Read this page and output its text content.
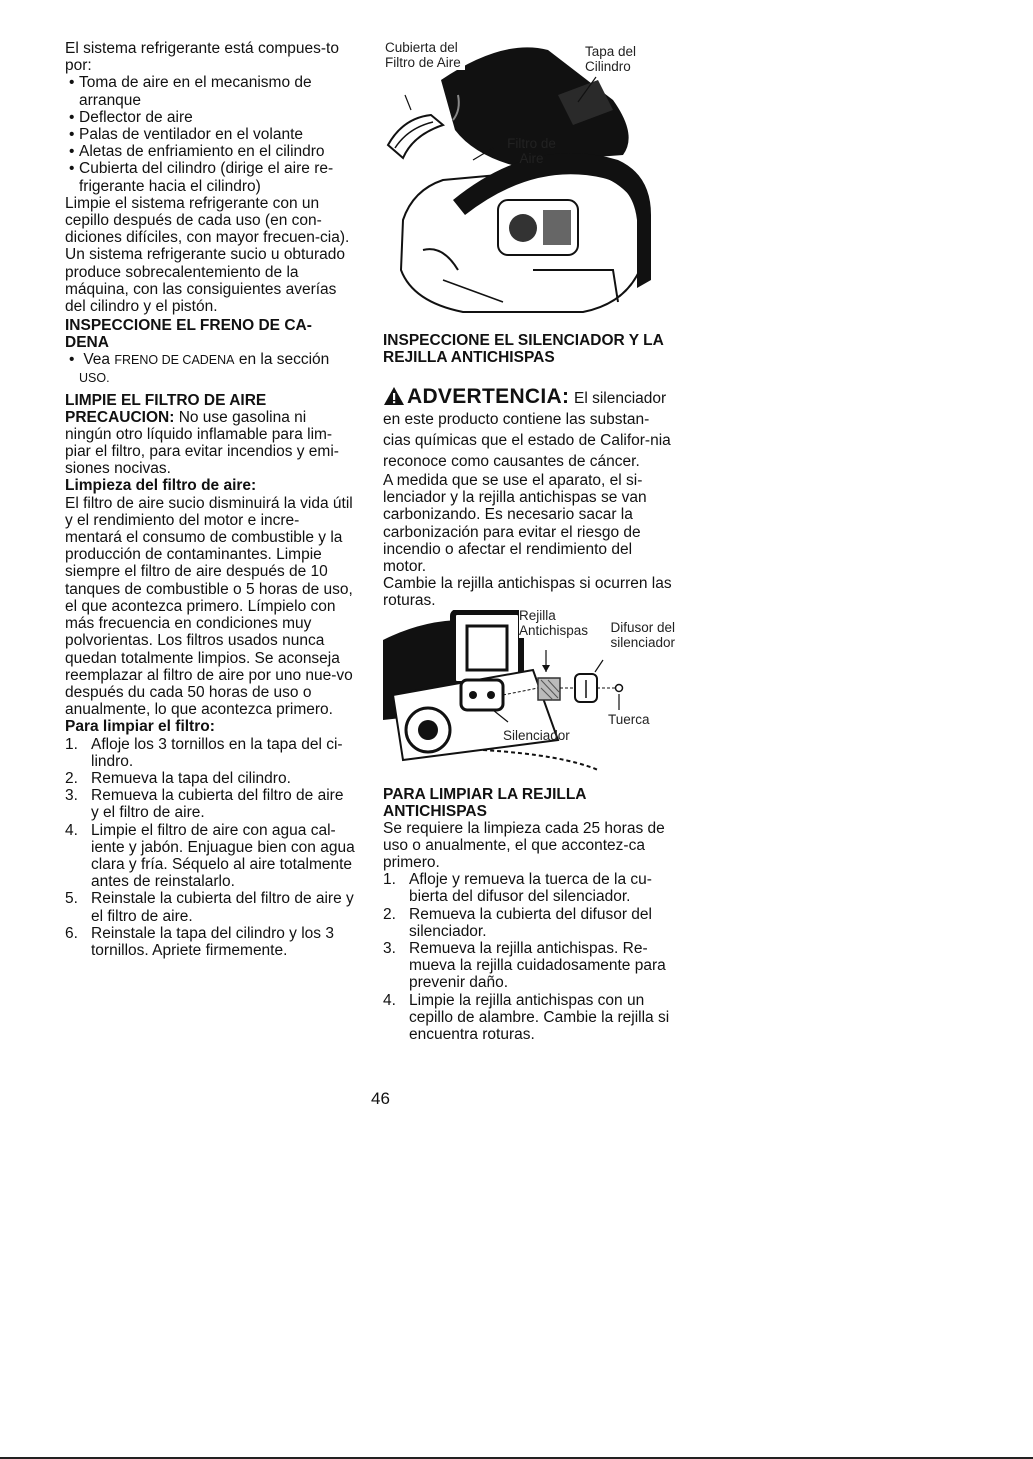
El sistema refrigerante está compues-to por:

• Toma de aire en el mecanismo de arranque

• Deflector de aire

• Palas de ventilador en el volante

• Aletas de enfriamiento en el cilindro

• Cubierta del cilindro (dirige el aire re-frigerante hacia el cilindro)

Limpie el sistema refrigerante con un cepillo después de cada uso (en con-diciones difíciles, con mayor frecuen-cia). Un sistema refrigerante sucio u obturado produce sobrecalentemiento de la máquina, con las consiguientes averías del cilindro y el pistón.

INSPECCIONE EL FRENO DE CA-DENA

• Vea FRENO DE CADENA en la sección USO.

LIMPIE EL FILTRO DE AIRE

PRECAUCION: No use gasolina ni ningún otro líquido inflamable para lim-piar el filtro, para evitar incendios y emi-siones nocivas.

Limpieza del filtro de aire:

El filtro de aire sucio disminuirá la vida útil y el rendimiento del motor e incre-mentará el consumo de combustible y la producción de contaminantes. Limpie siempre el filtro de aire después de 10 tanques de combustible o 5 horas de uso, el que acontezca primero. Límpielo con más frecuencia en condiciones muy polvorientas. Los filtros usados nunca quedan totalmente limpios. Se aconseja reemplazar al filtro de aire por uno nue-vo después du cada 50 horas de uso o anualmente, lo que acontezca primero.

Para limpiar el filtro:

1. Afloje los 3 tornillos en la tapa del ci-lindro.
2. Remueva la tapa del cilindro.
3. Remueva la cubierta del filtro de aire y el filtro de aire.
4. Limpie el filtro de aire con agua cal-iente y jabón. Enjuague bien con agua clara y fría. Séquelo al aire totalmente antes de reinstalarlo.
5. Reinstale la cubierta del filtro de aire y el filtro de aire.
6. Reinstale la tapa del cilindro y los 3 tornillos. Apriete firmemente.
Cubierta del Filtro de Aire
Tapa del Cilindro
Filtro de Aire

INSPECCIONE EL SILENCIADOR Y LA REJILLA ANTICHISPAS

ADVERTENCIA: El silenciador en este producto contiene las substan-cias químicas que el estado de Califor-nia reconoce como causantes de cáncer.

A medida que se use el aparato, el si-lenciador y la rejilla antichispas se van carbonizando. Es necesario sacar la carbonización para evitar el riesgo de incendio o afectar el rendimiento del motor.

Cambie la rejilla antichispas si ocurren las roturas.

Rejilla Antichispas	Difusor del silenciador
Tuerca
Silenciador

PARA LIMPIAR LA REJILLA ANTICHISPAS

Se requiere la limpieza cada 25 horas de uso o anualmente, el que accontez-ca primero.

1. Afloje y remueva la tuerca de la cu-bierta del difusor del silenciador.
2. Remueva la cubierta del difusor del silenciador.
3. Remueva la rejilla antichispas. Re-mueva la rejilla cuidadosamente para prevenir daño.
4. Limpie la rejilla antichispas con un cepillo de alambre. Cambie la rejilla si encuentra roturas.
46
